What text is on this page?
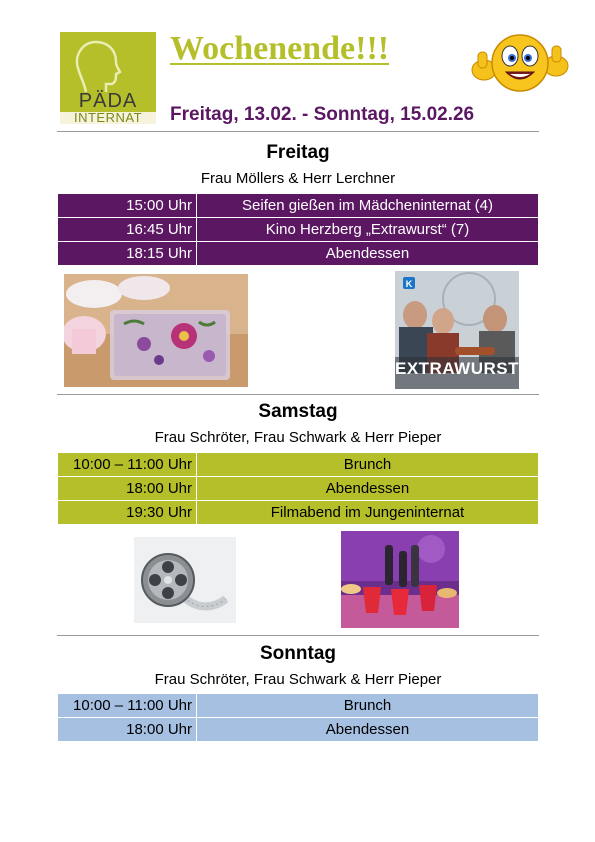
PÄDA
INTERNAT
Wochenende!!!
Freitag, 13.02. - Sonntag, 15.02.26
Freitag
Frau Möllers & Herr Lerchner
15:00 Uhr	Seifen gießen im Mädcheninternat (4)
16:45 Uhr	Kino Herzberg „Extrawurst“ (7)
18:15 Uhr	Abendessen
K
EXTRAWURST
Samstag
Frau Schröter, Frau Schwark & Herr Pieper
10:00 – 11:00 Uhr	Brunch
18:00 Uhr	Abendessen
19:30 Uhr	Filmabend im Jungeninternat
Sonntag
Frau Schröter, Frau Schwark & Herr Pieper
10:00 – 11:00 Uhr	Brunch
18:00 Uhr	Abendessen
